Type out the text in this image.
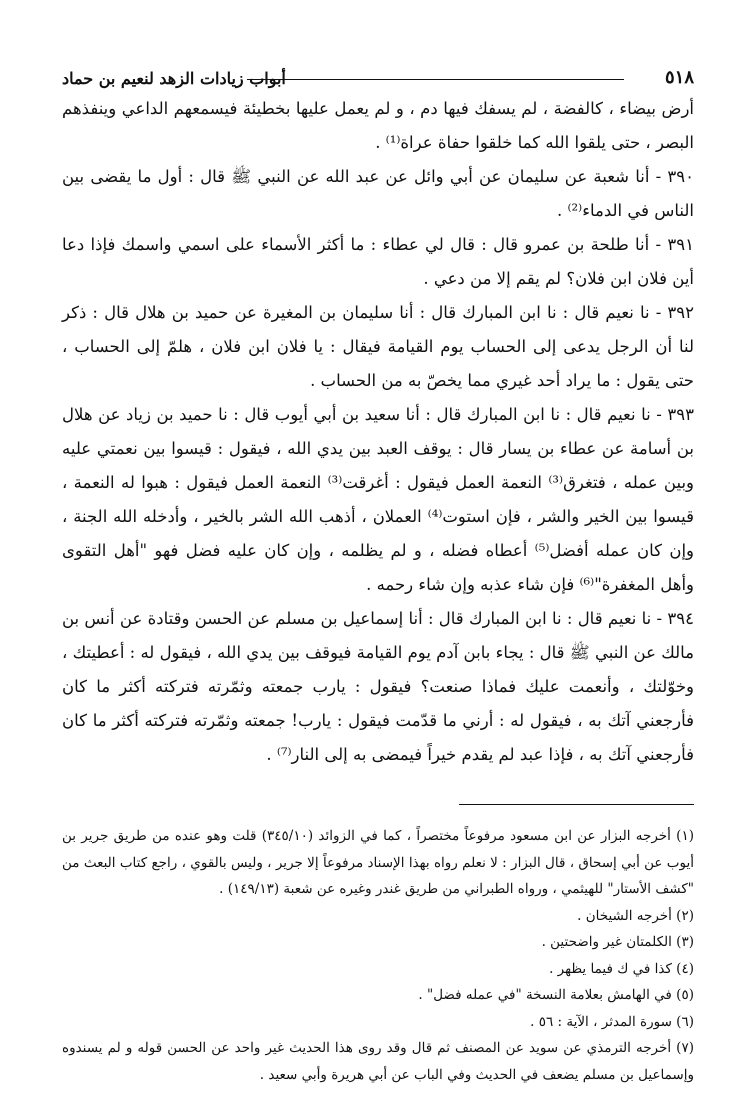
٥١٨
أبواب زيادات الزهد لنعيم بن حماد

أرض بيضاء ، كالفضة ، لم يسفك فيها دم ، و لم يعمل عليها بخطيئة فيسمعهم الداعي وينفذهم البصر ، حتى يلقوا الله كما خلقوا حفاة عراة⁽¹⁾ .

٣٩٠ - أنا شعبة عن سليمان عن أبي وائل عن عبد الله عن النبي ﷺ قال : أول ما يقضى بين الناس في الدماء⁽²⁾ .

٣٩١ - أنا طلحة بن عمرو قال : قال لي عطاء : ما أكثر الأسماء على اسمي واسمك فإذا دعا أين فلان ابن فلان؟ لم يقم إلا من دعي .

٣٩٢ - نا نعيم قال : نا ابن المبارك قال : أنا سليمان بن المغيرة عن حميد بن هلال قال : ذكر لنا أن الرجل يدعى إلى الحساب يوم القيامة فيقال : يا فلان ابن فلان ، هلمّ إلى الحساب ، حتى يقول : ما يراد أحد غيري مما يخصّ به من الحساب .

٣٩٣ - نا نعيم قال : نا ابن المبارك قال : أنا سعيد بن أبي أيوب قال : نا حميد بن زياد عن هلال بن أسامة عن عطاء بن يسار قال : يوقف العبد بين يدي الله ، فيقول : قيسوا بين نعمتي عليه وبين عمله ، فتغرق⁽³⁾ النعمة العمل فيقول : أغرقت⁽³⁾ النعمة العمل فيقول : هبوا له النعمة ، قيسوا بين الخير والشر ، فإن استوت⁽⁴⁾ العملان ، أذهب الله الشر بالخير ، وأدخله الله الجنة ، وإن كان عمله أفضل⁽⁵⁾ أعطاه فضله ، و لم يظلمه ، وإن كان عليه فضل فهو "أهل التقوى وأهل المغفرة"⁽⁶⁾ فإن شاء عذبه وإن شاء رحمه .

٣٩٤ - نا نعيم قال : نا ابن المبارك قال : أنا إسماعيل بن مسلم عن الحسن وقتادة عن أنس بن مالك عن النبي ﷺ قال : يجاء بابن آدم يوم القيامة فيوقف بين يدي الله ، فيقول له : أعطيتك ، وخوّلتك ، وأنعمت عليك فماذا صنعت؟ فيقول : يارب جمعته وثمّرته فتركته أكثر ما كان فأرجعني آتك به ، فيقول له : أرني ما قدّمت فيقول : يارب! جمعته وثمّرته فتركته أكثر ما كان فأرجعني آتك به ، فإذا عبد لم يقدم خيراً فيمضى به إلى النار⁽⁷⁾ .

(١) أخرجه البزار عن ابن مسعود مرفوعاً مختصراً ، كما في الزوائد (٣٤٥/١٠) قلت وهو عنده من طريق جرير بن أيوب عن أبي إسحاق ، قال البزار : لا نعلم رواه بهذا الإسناد مرفوعاً إلا جرير ، وليس بالقوي ، راجع كتاب البعث من "كشف الأستار" للهيثمي ، ورواه الطبراني من طريق غندر وغيره عن شعبة (١٤٩/١٣) .

(٢) أخرجه الشيخان .

(٣) الكلمتان غير واضحتين .

(٤) كذا في ك فيما يظهر .

(٥) في الهامش بعلامة النسخة "في عمله فضل" .

(٦) سورة المدثر ، الآية : ٥٦ .

(٧) أخرجه الترمذي عن سويد عن المصنف ثم قال وقد روى هذا الحديث غير واحد عن الحسن قوله و لم يسندوه وإسماعيل بن مسلم يضعف في الحديث وفي الباب عن أبي هريرة وأبي سعيد .
